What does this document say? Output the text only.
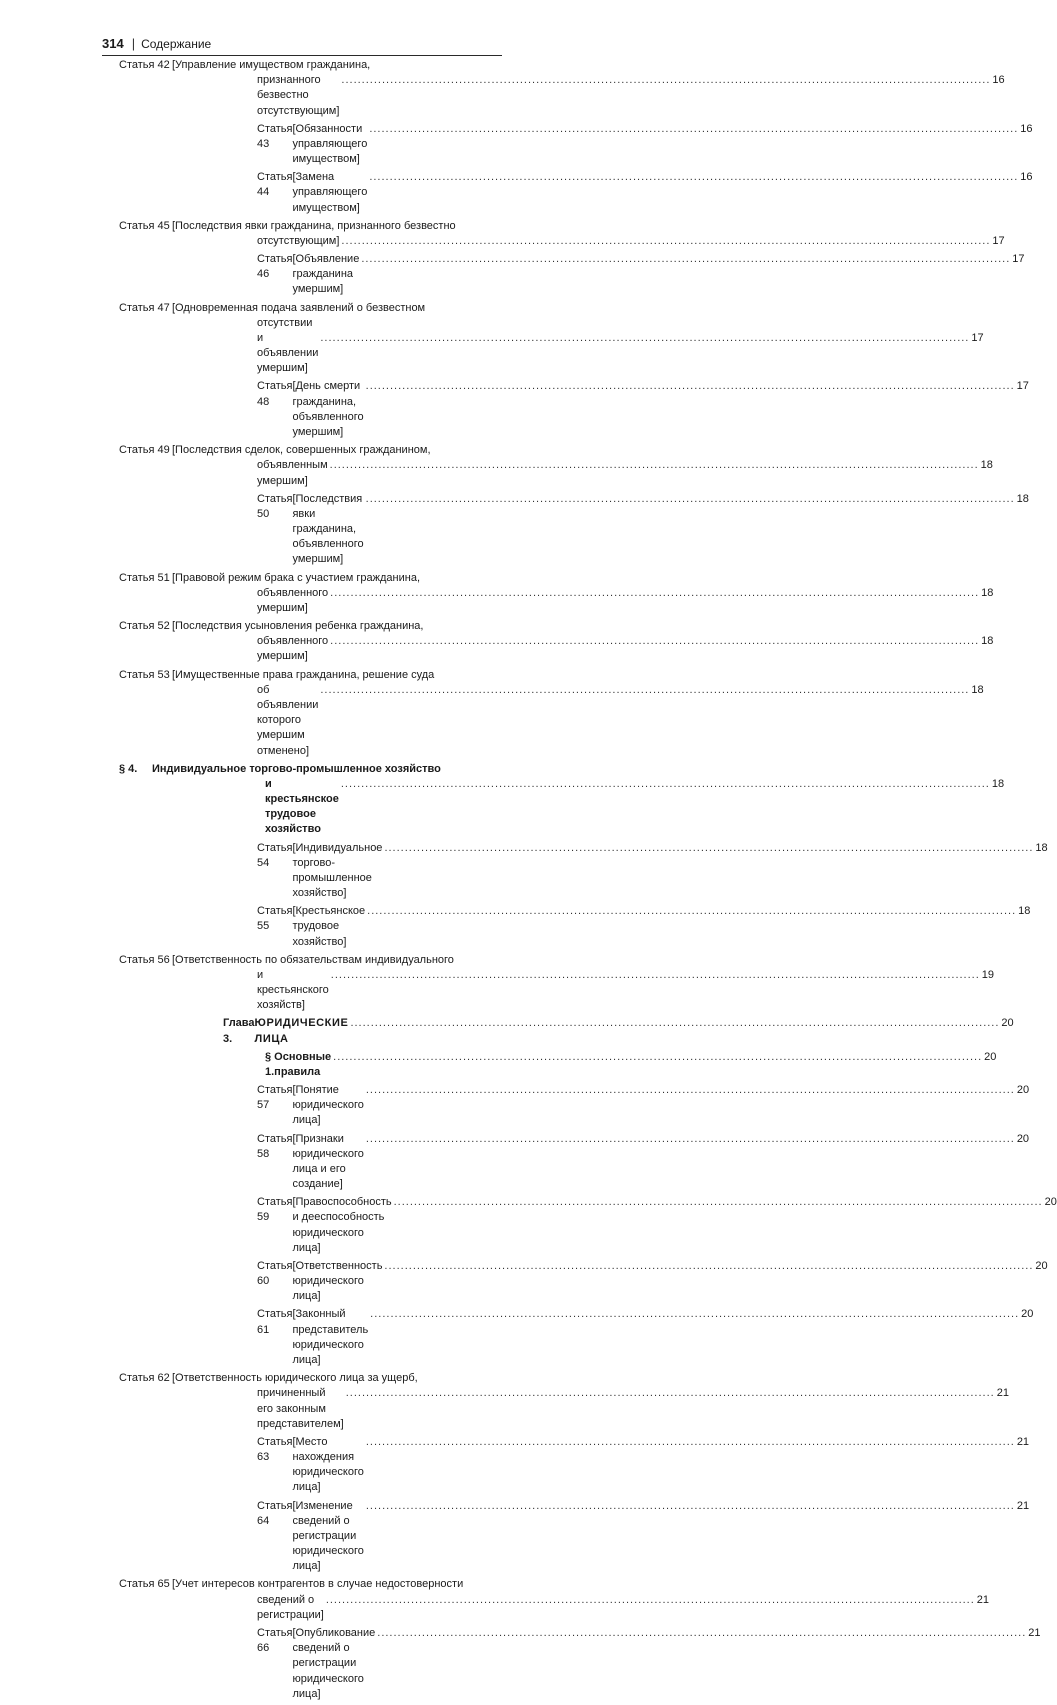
314 | Содержание
Статья 42 [Управление имуществом гражданина,
признанного безвестно отсутствующим]
.....
16
Статья 43
[Обязанности управляющего имуществом]
.....
16
Статья 44
[Замена управляющего имуществом]
.....
16
Статья 45 [Последствия явки гражданина, признанного безвестно
отсутствующим]
.....	17
Статья 46
[Объявление гражданина умершим]
.....
17
Статья 47 [Одновременная подача заявлений о безвестном отсутствии
и объявлении умершим]
.....
17
Статья 48
[День смерти гражданина, объявленного умершим]
.....
17
Статья 49 [Последствия сделок, совершенных гражданином,
объявленным умершим]
.....
18
Статья 50
[Последствия явки гражданина, объявленного умершим]
.....
18
Статья 51 [Правовой режим брака с участием гражданина,
объявленного умершим]
.....
18
Статья 52 [Последствия усыновления ребенка гражданина,
объявленного умершим]
.....
18
Статья 53 [Имущественные права гражданина, решение суда
об объявлении которого умершим отменено]
.....
18
§ 4. Индивидуальное торгово-промышленное хозяйство
и крестьянское трудовое хозяйство
.....
18
Статья 54
[Индивидуальное торгово-промышленное хозяйство]
.....
18
Статья 55
[Крестьянское трудовое хозяйство]
.....
18
Статья 56 [Ответственность по обязательствам индивидуального
и крестьянского хозяйств]
.....
19
Глава 3.
ЮРИДИЧЕСКИЕ ЛИЦА
.....
20
§ 1.
Основные правила
.....
20
Статья 57
[Понятие юридического лица]
.....
20
Статья 58
[Признаки юридического лица и его создание]
.....
20
Статья 59
[Правоспособность и дееспособность юридического лица]
.....
20
Статья 60
[Ответственность юридического лица]
.....
20
Статья 61
[Законный представитель юридического лица]
.....
20
Статья 62 [Ответственность юридического лица за ущерб,
причиненный его законным представителем]
.....
21
Статья 63
[Место нахождения юридического лица]
.....
21
Статья 64
[Изменение сведений о регистрации юридического лица]
.....
21
Статья 65 [Учет интересов контрагентов в случае недостоверности
сведений о регистрации]
.....
21
Статья 66
[Опубликование сведений о регистрации юридического лица]
.....
21
